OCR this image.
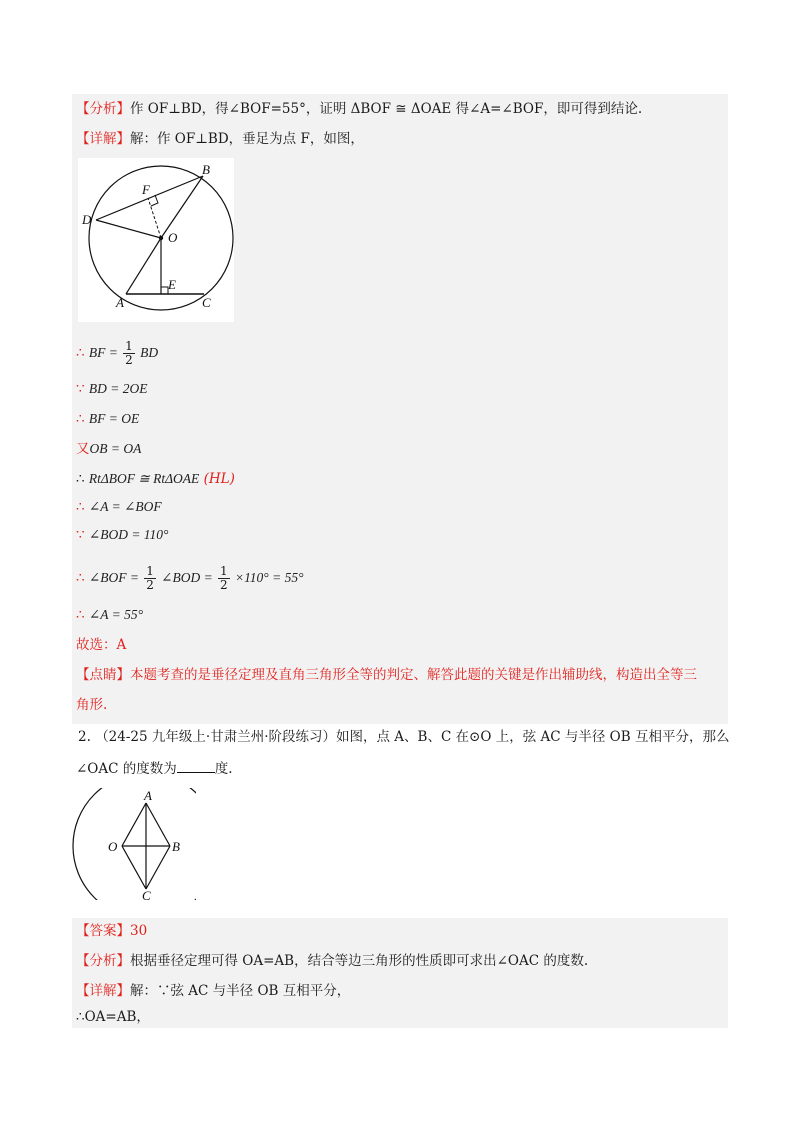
【分析】作 OF⊥BD，得∠BOF=55°，证明 ΔBOF ≅ ΔOAE 得∠A=∠BOF，即可得到结论.
【详解】解：作 OF⊥BD，垂足为点 F，如图，
B
F
D
O
E
A	C
∴ BF = $\frac{1}{2}$ BD
∵ BD = 2OE
∴ BF = OE
又OB = OA
∴ RtΔBOF ≅ RtΔOAE (HL)
∴ ∠A = ∠BOF
∵ ∠BOD = 110°
∴ ∠BOF = $\frac{1}{2}$ ∠BOD = $\frac{1}{2} \times 110^\circ = 55^\circ$
∴ ∠A = 55°
故选：A
【点睛】本题考查的是垂径定理及直角三角形全等的判定、解答此题的关键是作出辅助线，构造出全等三
角形.
2. （24-25 九年级上·甘肃兰州·阶段练习）如图，点 A、B、C 在⊙O 上，弦 AC 与半径 OB 互相平分，那么
∠OAC 的度数为	度.
A
O	B
C
【答案】30
【分析】根据垂径定理可得 OA=AB，结合等边三角形的性质即可求出∠OAC 的度数.
【详解】解：∵弦 AC 与半径 OB 互相平分，
∴OA=AB，
